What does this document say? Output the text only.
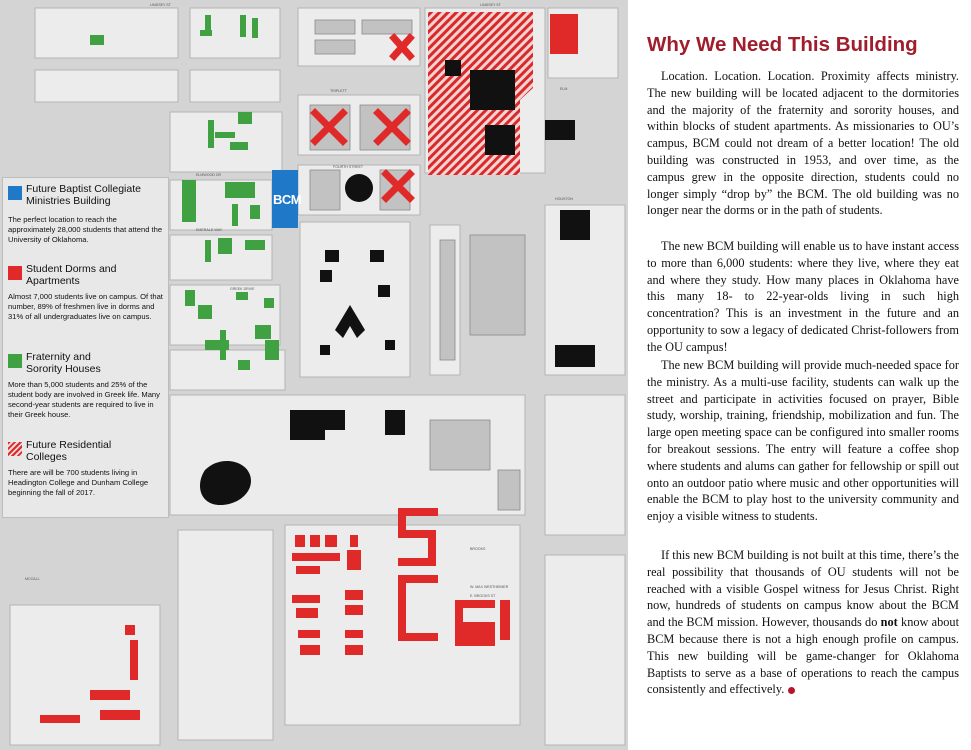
BCM
LINDSEY ST	LINDSEY ST
FOURTH STREET
ELMWOOD DR
GREEK DRIVE
MCCALL
W. MAX WESTHEIMER
E. BROOKS ST
ELM
HOUSTON
BROOKS
TRIPLETT
EMERALD WAY
Future Baptist Collegiate Ministries Building
The perfect location to reach the approximately 28,000 students that attend the University of Oklahoma.
Student Dorms and Apartments
Almost 7,000 students live on campus. Of that number, 89% of freshmen live in dorms and 31% of all undergraduates live on campus.
Fraternity and Sorority Houses
More than 5,000 students and 25% of the student body are involved in Greek life. Many second-year students are required to live in their Greek house.
Future Residential Colleges
There are will be 700 students living in Headington College and Dunham College beginning the fall of 2017.
Why We Need This Building

Location. Location. Location. Proximity affects ministry. The new building will be located adjacent to the dormitories and the majority of the fraternity and sorority houses, and within blocks of student apartments. As missionaries to OU’s campus, BCM could not dream of a better location! The old building was constructed in 1953, and over time, as the campus grew in the opposite direction, students could no longer simply “drop by” the BCM. The old building was no longer near the dorms or in the path of students.

The new BCM building will enable us to have instant access to more than 6,000 students: where they live, where they eat and where they study. How many places in Oklahoma have this many 18- to 22-year-olds living in such high concentration? This is an investment in the future and an opportunity to sow a legacy of dedicated Christ-followers from the OU campus!

The new BCM building will provide much-needed space for the ministry. As a multi-use facility, students can walk up the street and participate in activities focused on prayer, Bible study, worship, training, friendship, mobilization and fun. The large open meeting space can be configured into smaller rooms for breakout sessions. The entry will feature a coffee shop where students and alums can gather for fellowship or spill out onto an outdoor patio where music and other opportunities will enable the BCM to play host to the university community and enjoy a visible witness to students.

If this new BCM building is not built at this time, there’s the real possibility that thousands of OU students will not be reached with a visible Gospel witness for Jesus Christ. Right now, hundreds of students on campus know about the BCM and the BCM mission. However, thousands do not know about BCM because there is not a high enough profile on campus. This new building will be game-changer for Oklahoma Baptists to serve as a base of operations to reach the campus consistently and effectively.
